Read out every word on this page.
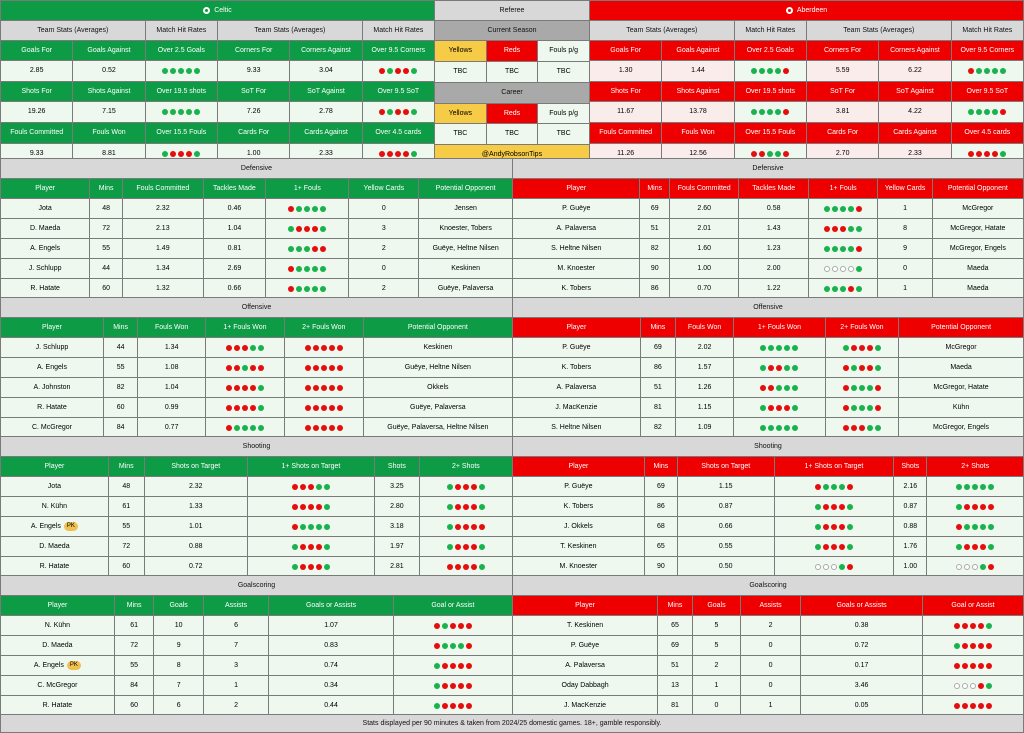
Celtic
Team Stats (Averages)	Match Hit Rates	Team Stats (Averages)	Match Hit Rates
Goals For	Goals Against	Over 2.5 Goals	Corners For	Corners Against	Over 9.5 Corners
2.85	0.52	9.33	3.04
Shots For	Shots Against	Over 19.5 shots	SoT For	SoT Against	Over 9.5 SoT
19.26	7.15	7.26	2.78
Fouls Committed	Fouls Won	Over 15.5 Fouls	Cards For	Cards Against	Over 4.5 cards
9.33	8.81	1.00	2.33
Aberdeen
Team Stats (Averages)	Match Hit Rates	Team Stats (Averages)	Match Hit Rates
Goals For	Goals Against	Over 2.5 Goals	Corners For	Corners Against	Over 9.5 Corners
1.30	1.44	5.59	6.22
Shots For	Shots Against	Over 19.5 shots	SoT For	SoT Against	Over 9.5 SoT
11.67	13.78	3.81	4.22
Fouls Committed	Fouls Won	Over 15.5 Fouls	Cards For	Cards Against	Over 4.5 cards
11.26	12.56	2.70	2.33
Referee
Current Season
Yellows	Reds	Fouls p/g
TBC	TBC	TBC
Career
Yellows	Reds	Fouls p/g
TBC	TBC	TBC
@AndyRobsonTips
Defensive
Player	Mins	Fouls Committed	Tackles Made	1+ Fouls	Yellow Cards	Potential Opponent
Jota	48	2.32	0.46	0	Jensen
D. Maeda	72	2.13	1.04	3	Knoester, Tobers
A. Engels	55	1.49	0.81	2	Guëye, Heltne Nilsen
J. Schlupp	44	1.34	2.69	0	Keskinen
R. Hatate	60	1.32	0.66	2	Guëye, Palaversa
Defensive
Player	Mins	Fouls Committed	Tackles Made	1+ Fouls	Yellow Cards	Potential Opponent
P. Guëye	69	2.60	0.58	1	McGregor
A. Palaversa	51	2.01	1.43	8	McGregor, Hatate
S. Heltne Nilsen	82	1.60	1.23	9	McGregor, Engels
M. Knoester	90	1.00	2.00	0	Maeda
K. Tobers	86	0.70	1.22	1	Maeda
Offensive
Player	Mins	Fouls Won	1+ Fouls Won	2+ Fouls Won	Potential Opponent
J. Schlupp	44	1.34	Keskinen
A. Engels	55	1.08	Guëye, Heltne Nilsen
A. Johnston	82	1.04	Okkels
R. Hatate	60	0.99	Guëye, Palaversa
C. McGregor	84	0.77	Guëye, Palaversa, Heltne Nilsen
Offensive
Player	Mins	Fouls Won	1+ Fouls Won	2+ Fouls Won	Potential Opponent
P. Guëye	69	2.02	McGregor
K. Tobers	86	1.57	Maeda
A. Palaversa	51	1.26	McGregor, Hatate
J. MacKenzie	81	1.15	Kühn
S. Heltne Nilsen	82	1.09	McGregor, Engels
Shooting
Player	Mins	Shots on Target	1+ Shots on Target	Shots	2+ Shots
Jota	48	2.32	3.25
N. Kühn	61	1.33	2.80
A. Engels	PK	55	1.01	3.18
D. Maeda	72	0.88	1.97
R. Hatate	60	0.72	2.81
Shooting
Player	Mins	Shots on Target	1+ Shots on Target	Shots	2+ Shots
P. Guëye	69	1.15	2.16
K. Tobers	86	0.87	0.87
J. Okkels	68	0.66	0.88
T. Keskinen	65	0.55	1.76
M. Knoester	90	0.50	1.00
Goalscoring
Player	Mins	Goals	Assists	Goals or Assists	Goal or Assist
N. Kühn	61	10	6	1.07
D. Maeda	72	9	7	0.83
A. Engels	PK	55	8	3	0.74
C. McGregor	84	7	1	0.34
R. Hatate	60	6	2	0.44
Goalscoring
Player	Mins	Goals	Assists	Goals or Assists	Goal or Assist
T. Keskinen	65	5	2	0.38
P. Guëye	69	5	0	0.72
A. Palaversa	51	2	0	0.17
Oday Dabbagh	13	1	0	3.46
J. MacKenzie	81	0	1	0.05
Stats displayed per 90 minutes & taken from 2024/25 domestic games. 18+, gamble responsibly.
